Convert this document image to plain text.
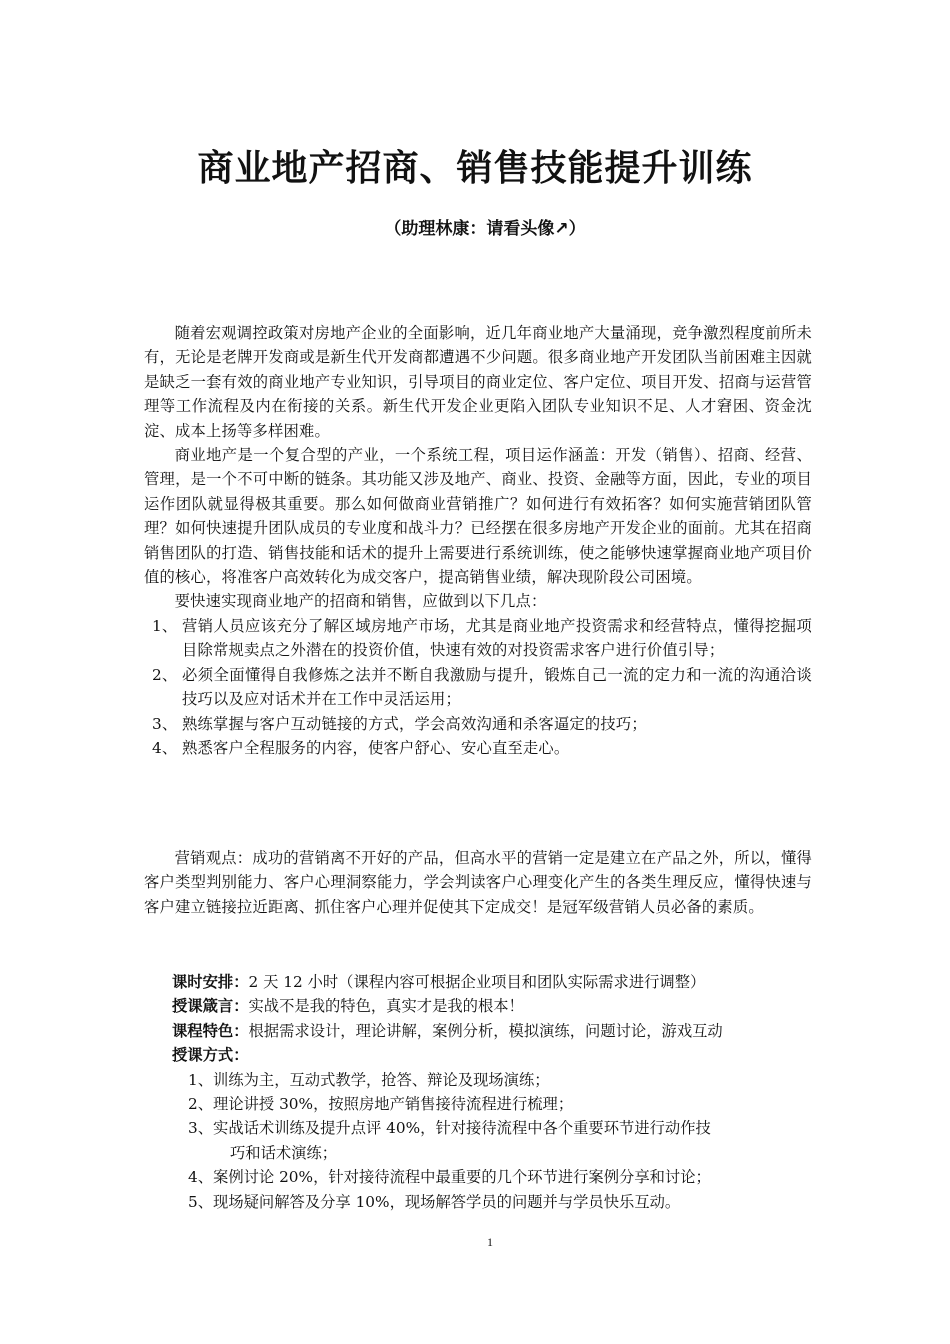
商业地产招商、销售技能提升训练
（助理林康：请看头像↗）

随着宏观调控政策对房地产企业的全面影响，近几年商业地产大量涌现，竞争激烈程度前所未有，无论是老牌开发商或是新生代开发商都遭遇不少问题。很多商业地产开发团队当前困难主因就是缺乏一套有效的商业地产专业知识，引导项目的商业定位、客户定位、项目开发、招商与运营管理等工作流程及内在衔接的关系。新生代开发企业更陷入团队专业知识不足、人才窘困、资金沈淀、成本上扬等多样困难。

商业地产是一个复合型的产业，一个系统工程，项目运作涵盖：开发（销售）、招商、经营、管理，是一个不可中断的链条。其功能又涉及地产、商业、投资、金融等方面，因此，专业的项目运作团队就显得极其重要。那么如何做商业营销推广？如何进行有效拓客？如何实施营销团队管理？如何快速提升团队成员的专业度和战斗力？已经摆在很多房地产开发企业的面前。尤其在招商销售团队的打造、销售技能和话术的提升上需要进行系统训练，使之能够快速掌握商业地产项目价值的核心，将准客户高效转化为成交客户，提高销售业绩，解决现阶段公司困境。

要快速实现商业地产的招商和销售，应做到以下几点：

1、 营销人员应该充分了解区域房地产市场，尤其是商业地产投资需求和经营特点，懂得挖掘项目除常规卖点之外潜在的投资价值，快速有效的对投资需求客户进行价值引导；
2、 必须全面懂得自我修炼之法并不断自我激励与提升，锻炼自己一流的定力和一流的沟通洽谈技巧以及应对话术并在工作中灵活运用；
3、 熟练掌握与客户互动链接的方式，学会高效沟通和杀客逼定的技巧；
4、 熟悉客户全程服务的内容，使客户舒心、安心直至走心。

营销观点：成功的营销离不开好的产品，但高水平的营销一定是建立在产品之外，所以，懂得客户类型判别能力、客户心理洞察能力，学会判读客户心理变化产生的各类生理反应，懂得快速与客户建立链接拉近距离、抓住客户心理并促使其下定成交！是冠军级营销人员必备的素质。

课时安排：2 天 12 小时（课程内容可根据企业项目和团队实际需求进行调整）
授课箴言：实战不是我的特色，真实才是我的根本！
课程特色：根据需求设计，理论讲解，案例分析，模拟演练，问题讨论，游戏互动
授课方式：
1、训练为主，互动式教学，抢答、辩论及现场演练；
2、理论讲授 30%，按照房地产销售接待流程进行梳理；
3、实战话术训练及提升点评 40%，针对接待流程中各个重要环节进行动作技
巧和话术演练；
4、案例讨论 20%，针对接待流程中最重要的几个环节进行案例分享和讨论；
5、现场疑问解答及分享 10%，现场解答学员的问题并与学员快乐互动。
1
